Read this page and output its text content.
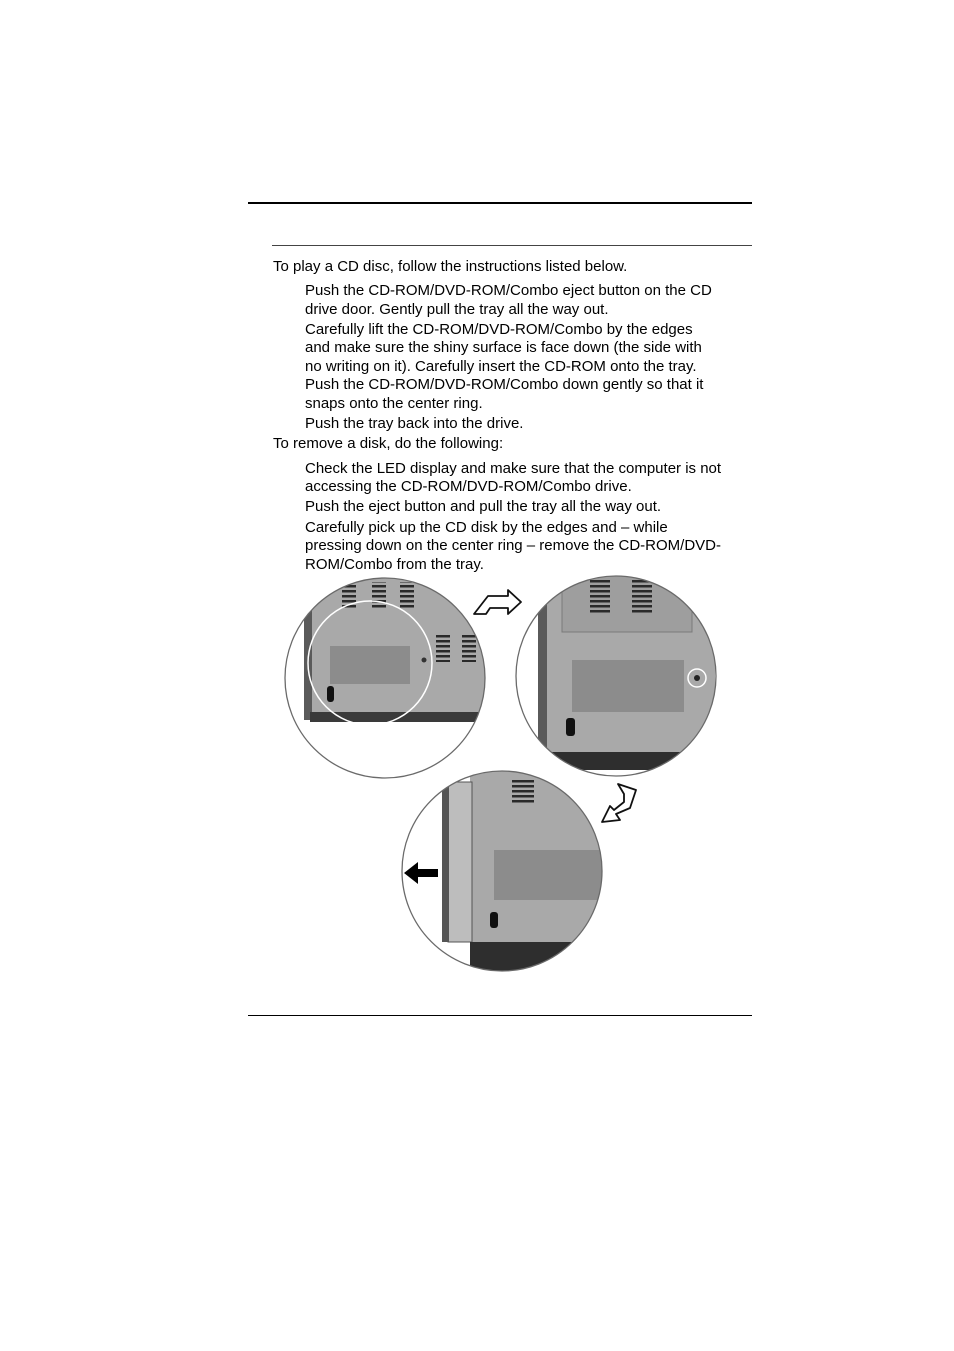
To play a CD disc, follow the instructions listed below.
Push the CD-ROM/DVD-ROM/Combo eject button on the CD
drive door. Gently pull the tray all the way out.
Carefully lift the CD-ROM/DVD-ROM/Combo by the edges
and make sure the shiny surface is face down (the side with
no writing on it). Carefully insert the CD-ROM onto the tray.
Push the CD-ROM/DVD-ROM/Combo down gently so that it
snaps onto the center ring.
Push the tray back into the drive.
To remove a disk, do the following:
Check the LED display and make sure that the computer is not
accessing the CD-ROM/DVD-ROM/Combo drive.
Push the eject button and pull the tray all the way out.
Carefully pick up the CD disk by the edges and – while
pressing down on the center ring – remove the CD-ROM/DVD-
ROM/Combo from the tray.
